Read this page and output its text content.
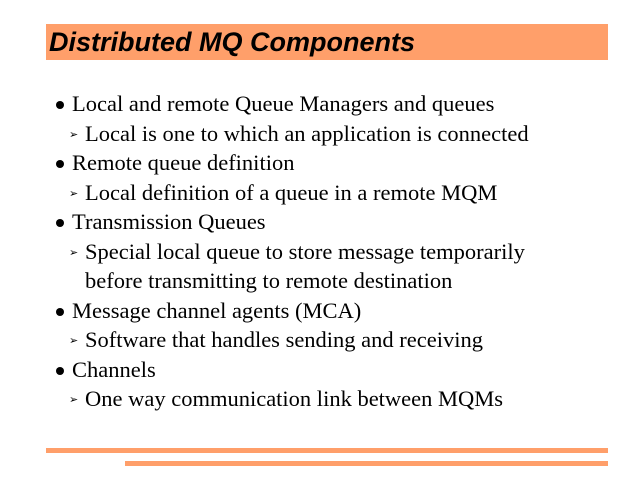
Distributed MQ Components
Local and remote Queue Managers and queues
➢ Local is one to which an application is connected
Remote queue definition
➢ Local definition of a queue in a remote MQM
Transmission Queues
➢ Special local queue to store message temporarily
before transmitting to remote destination
Message channel agents (MCA)
➢ Software that handles sending and receiving
Channels
➢ One way communication link between MQMs
